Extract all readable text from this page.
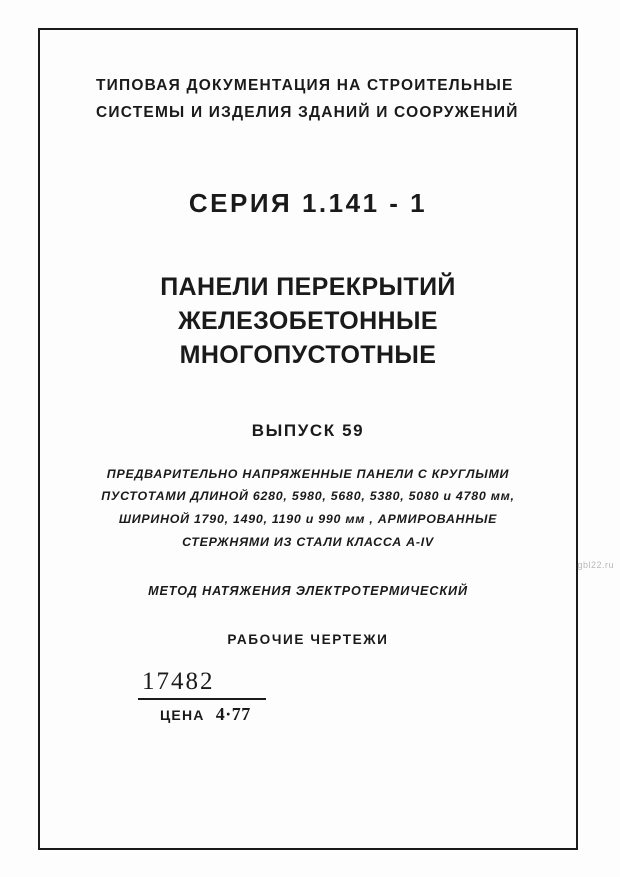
ТИПОВАЯ ДОКУМЕНТАЦИЯ НА СТРОИТЕЛЬНЫЕ
СИСТЕМЫ И ИЗДЕЛИЯ ЗДАНИЙ И СООРУЖЕНИЙ
СЕРИЯ 1.141 - 1
ПАНЕЛИ ПЕРЕКРЫТИЙ ЖЕЛЕЗОБЕТОННЫЕ
МНОГОПУСТОТНЫЕ
ВЫПУСК 59
ПРЕДВАРИТЕЛЬНО НАПРЯЖЕННЫЕ ПАНЕЛИ С КРУГЛЫМИ
ПУСТОТАМИ ДЛИНОЙ 6280, 5980, 5680, 5380, 5080 и 4780 мм,
ШИРИНОЙ 1790, 1490, 1190 и 990 мм , АРМИРОВАННЫЕ
СТЕРЖНЯМИ ИЗ СТАЛИ КЛАССА А-IV
МЕТОД НАТЯЖЕНИЯ ЭЛЕКТРОТЕРМИЧЕСКИЙ
РАБОЧИЕ ЧЕРТЕЖИ
17482
ЦЕНА 4·77
gbl22.ru
